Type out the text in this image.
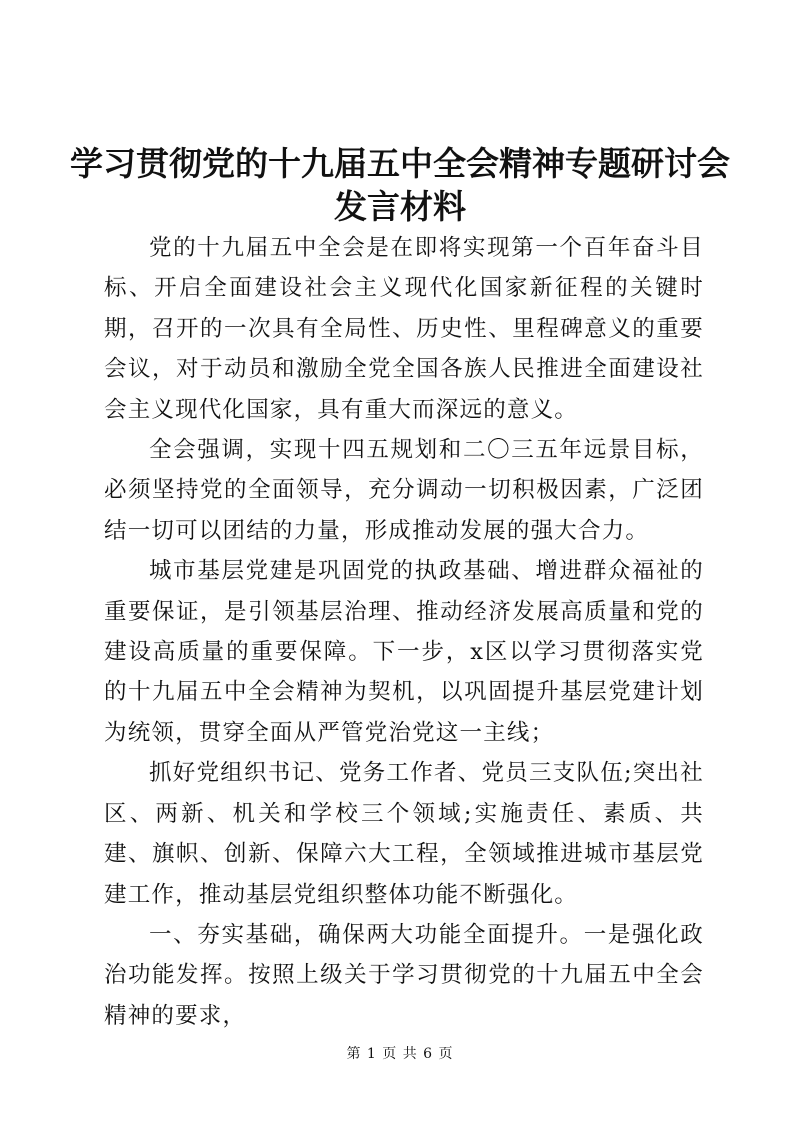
学习贯彻党的十九届五中全会精神专题研讨会
发言材料

党的十九届五中全会是在即将实现第一个百年奋斗目标、开启全面建设社会主义现代化国家新征程的关键时期，召开的一次具有全局性、历史性、里程碑意义的重要会议，对于动员和激励全党全国各族人民推进全面建设社会主义现代化国家，具有重大而深远的意义。

全会强调，实现十四五规划和二〇三五年远景目标，必须坚持党的全面领导，充分调动一切积极因素，广泛团结一切可以团结的力量，形成推动发展的强大合力。

城市基层党建是巩固党的执政基础、增进群众福祉的重要保证，是引领基层治理、推动经济发展高质量和党的建设高质量的重要保障。下一步，x区以学习贯彻落实党的十九届五中全会精神为契机，以巩固提升基层党建计划为统领，贯穿全面从严管党治党这一主线；

抓好党组织书记、党务工作者、党员三支队伍;突出社区、两新、机关和学校三个领域;实施责任、素质、共建、旗帜、创新、保障六大工程，全领域推进城市基层党建工作，推动基层党组织整体功能不断强化。

一、夯实基础，确保两大功能全面提升。一是强化政治功能发挥。按照上级关于学习贯彻党的十九届五中全会精神的要求，

第 1 页 共 6 页
